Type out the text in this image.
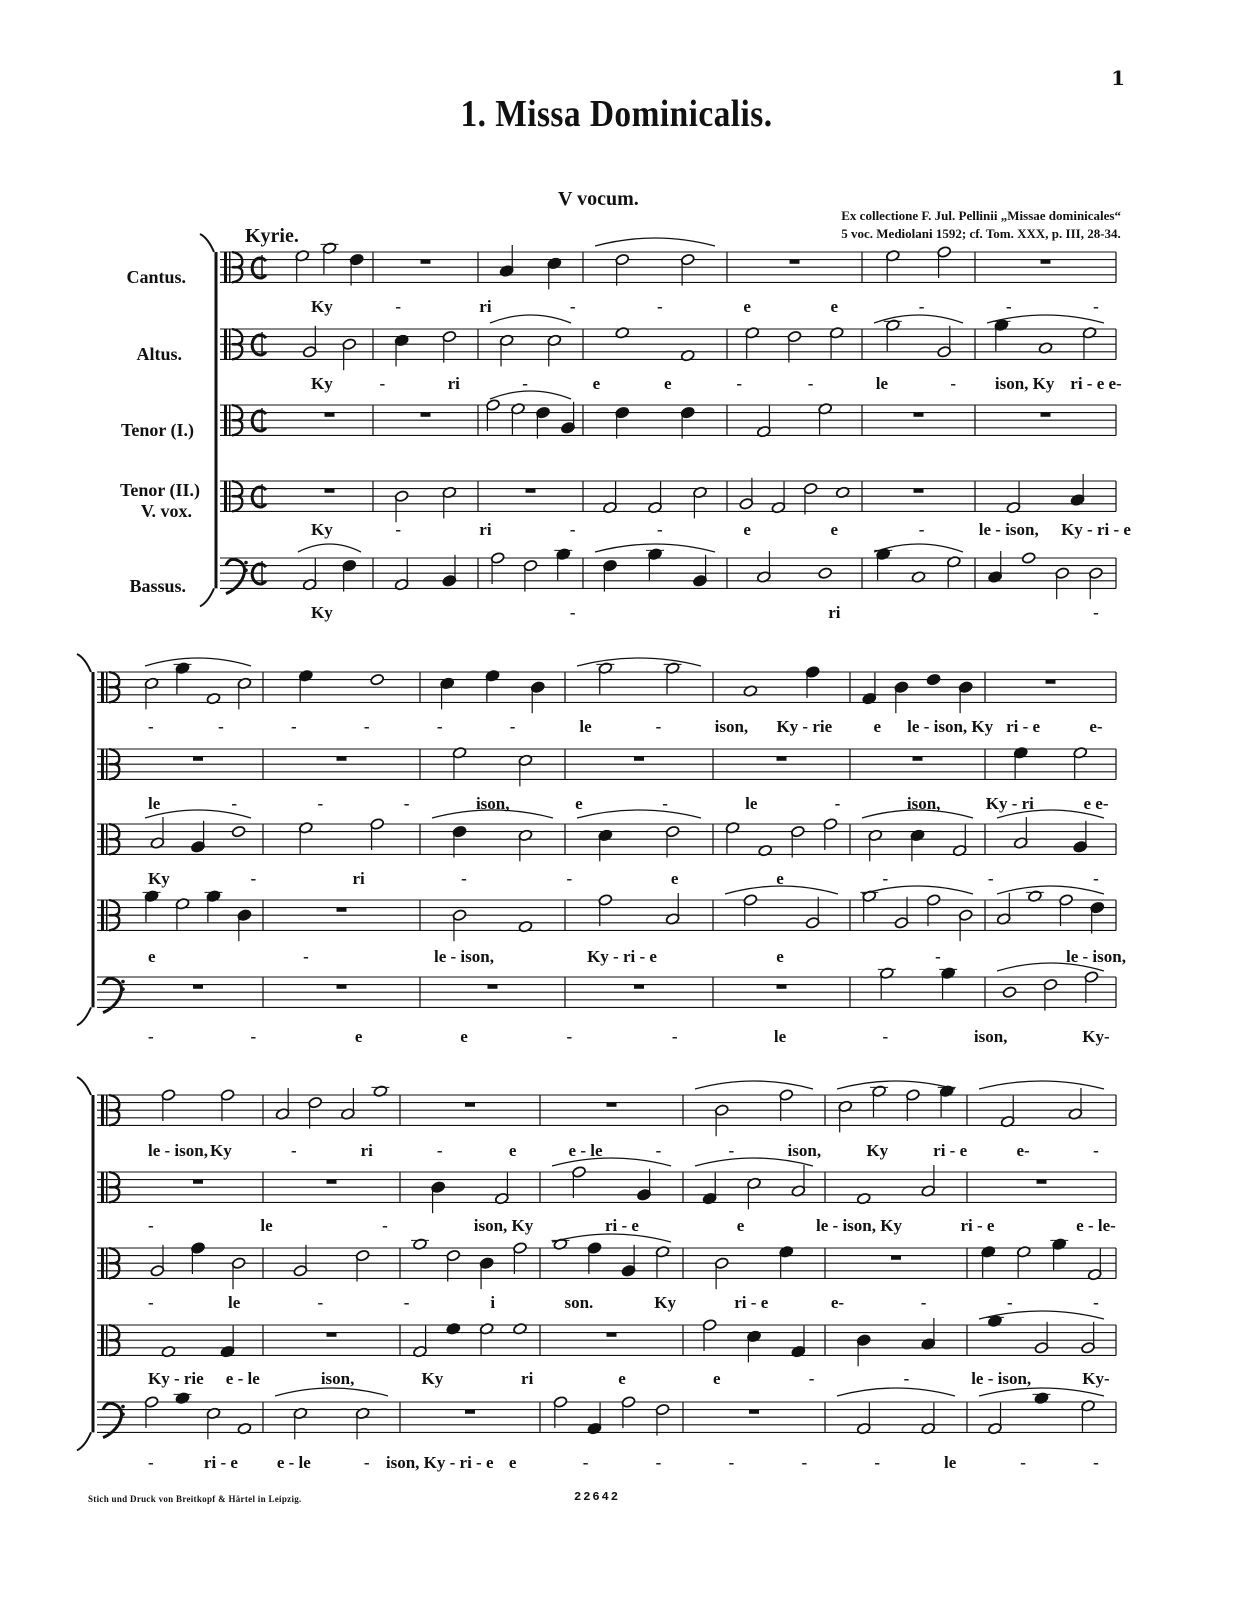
1
1. Missa Dominicalis.
V vocum.
Ex collectione F. Jul. Pellinii „Missae dominicales“
5 voc. Mediolani 1592; cf. Tom. XXX, p. III, 28-34.
Kyrie.
Cantus.
Altus.
Tenor (I.)
Tenor (II.)
V. vox.
Bassus.
Ky	-	ri	-	-	e	e	-	-	-
Ky	-	ri	-	e	e	-	-	le	- ison, Ky ri - e e-
Ky	-	ri	-	-	e	e	-	le - ison, Ky - ri - e
Ky	-	ri	-
-	-	-	-	-	-	le	-	ison, Ky - rie e le - ison, Ky ri - e	e-
le	-	-	-	ison,	e	-	le	-	ison,	Ky - ri	e e-
Ky	-	ri	-	-	e	e	-	-	-
e	-	le - ison,	Ky - ri - e	e	-	le - ison,
-	-	e	e	-	-	le	-	ison,	Ky-
le - ison, Ky	-	ri	-	e	e - le	-	-	ison,	Ky	ri - e	e-	-
-	le	-	ison, Ky	ri - e	e	le - ison, Ky	ri - e	e - le-
-	le	-	-	i	son.	Ky	ri - e	e-	-	-	-
Ky - rie e - le	ison,	Ky	ri	e	e	-	-	le - ison,	Ky-
-	ri - e e - le	- ison, Ky - ri - e e	-	-	-	-	-	le	-	-
Stich und Druck von Breitkopf & Härtel in Leipzig.	22642
